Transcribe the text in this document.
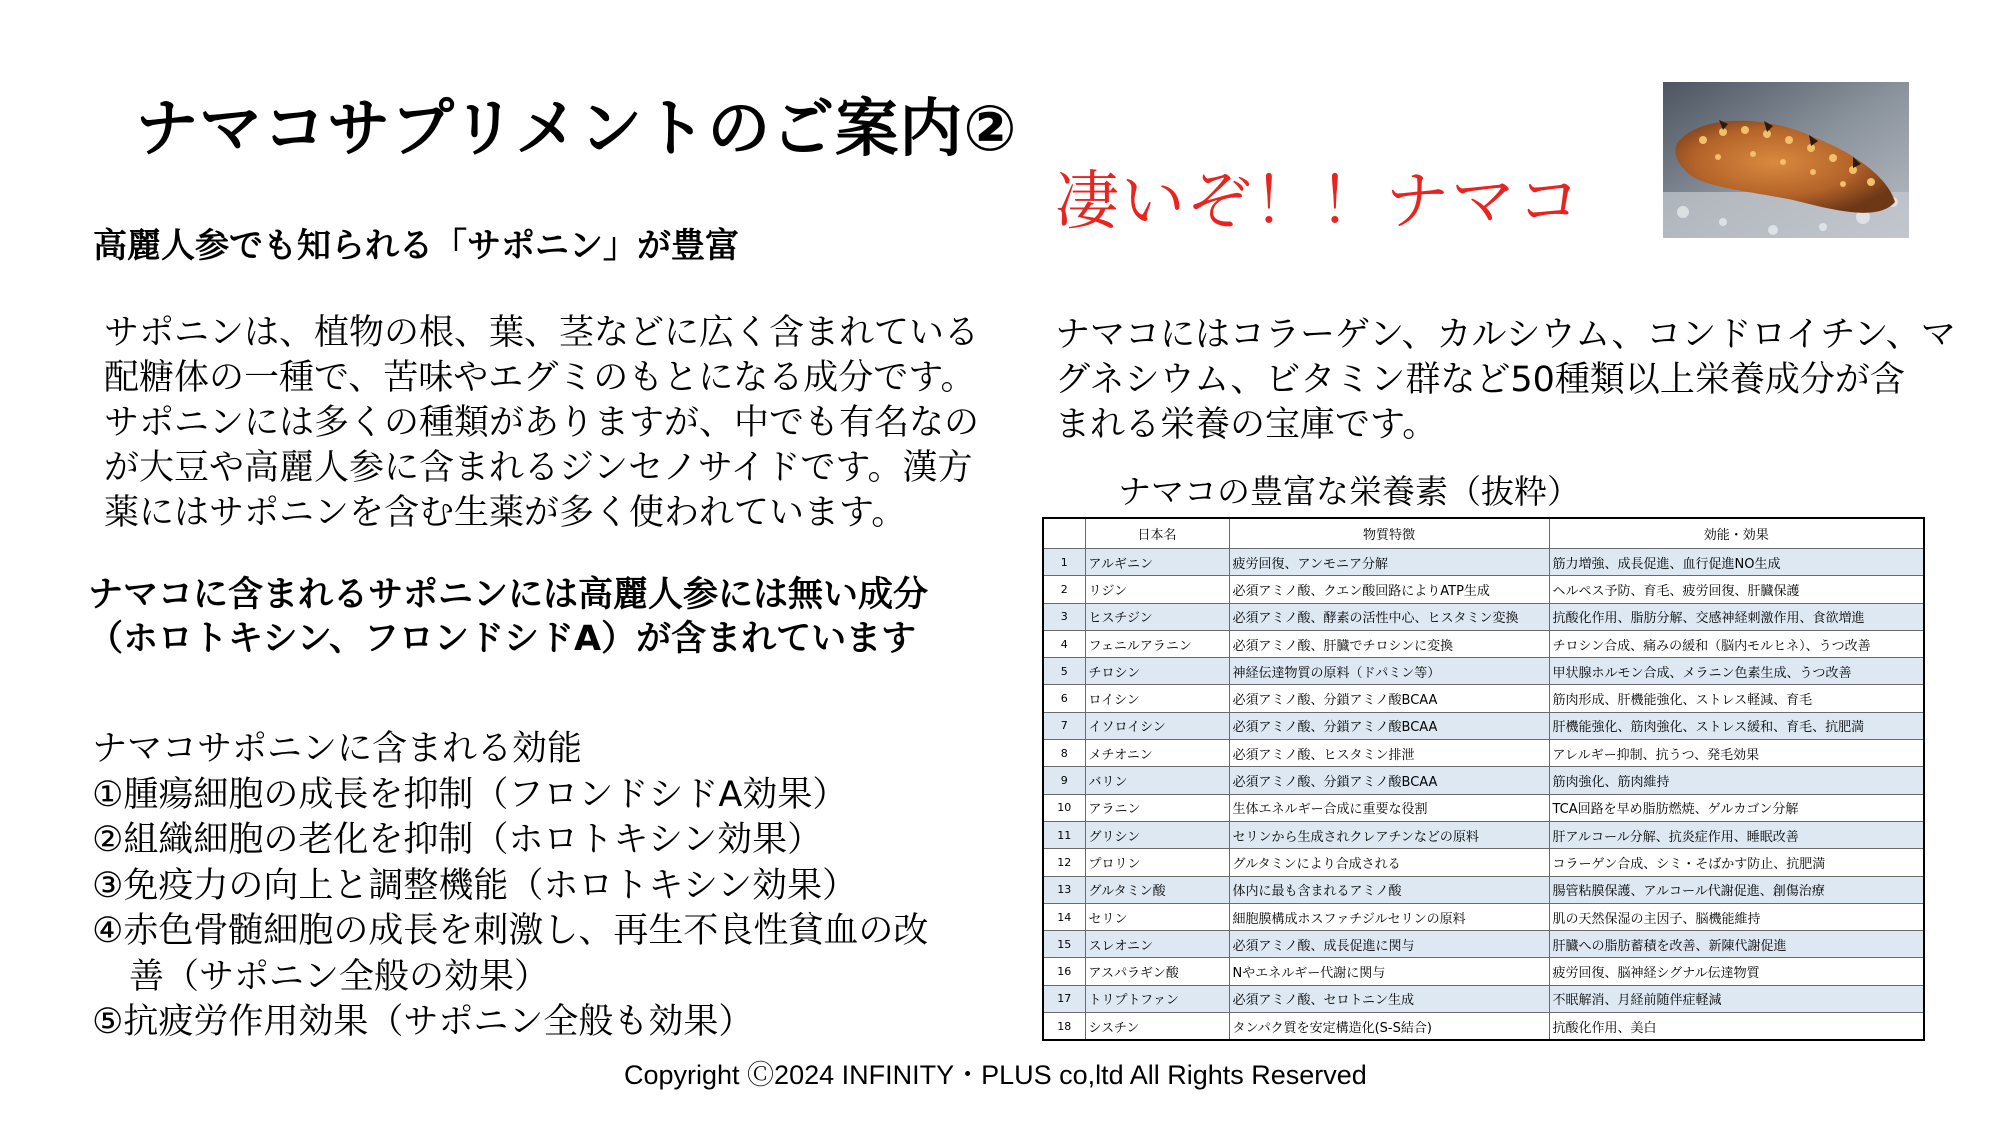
ナマコサプリメントのご案内②
凄いぞ！！ナマコ
高麗人参でも知られる「サポニン」が豊富
サポニンは、植物の根、葉、茎などに広く含まれている
配糖体の一種で、苦味やエグミのもとになる成分です。
サポニンには多くの種類がありますが、中でも有名なの
が大豆や高麗人参に含まれるジンセノサイドです。漢方
薬にはサポニンを含む生薬が多く使われています。
ナマコに含まれるサポニンには高麗人参には無い成分
（ホロトキシン、フロンドシドA）が含まれています
ナマコサポニンに含まれる効能
①腫瘍細胞の成長を抑制（フロンドシドA効果）
②組織細胞の老化を抑制（ホロトキシン効果）
③免疫力の向上と調整機能（ホロトキシン効果）
④赤色骨髄細胞の成長を刺激し、再生不良性貧血の改
善（サポニン全般の効果）
⑤抗疲労作用効果（サポニン全般も効果）
ナマコにはコラーゲン、カルシウム、コンドロイチン、マ
グネシウム、ビタミン群など50種類以上栄養成分が含
まれる栄養の宝庫です。
ナマコの豊富な栄養素（抜粋）
	日本名	物質特徴	効能・効果
1	アルギニン	疲労回復、アンモニア分解	筋力増強、成長促進、血行促進NO生成
2	リジン	必須アミノ酸、クエン酸回路によりATP生成	ヘルペス予防、育毛、疲労回復、肝臓保護
3	ヒスチジン	必須アミノ酸、酵素の活性中心、ヒスタミン変換	抗酸化作用、脂肪分解、交感神経刺激作用、食欲増進
4	フェニルアラニン	必須アミノ酸、肝臓でチロシンに変換	チロシン合成、痛みの緩和（脳内モルヒネ）、うつ改善
5	チロシン	神経伝達物質の原料（ドパミン等）	甲状腺ホルモン合成、メラニン色素生成、うつ改善
6	ロイシン	必須アミノ酸、分鎖アミノ酸BCAA	筋肉形成、肝機能強化、ストレス軽減、育毛
7	イソロイシン	必須アミノ酸、分鎖アミノ酸BCAA	肝機能強化、筋肉強化、ストレス緩和、育毛、抗肥満
8	メチオニン	必須アミノ酸、ヒスタミン排泄	アレルギー抑制、抗うつ、発毛効果
9	バリン	必須アミノ酸、分鎖アミノ酸BCAA	筋肉強化、筋肉維持
10	アラニン	生体エネルギー合成に重要な役割	TCA回路を早め脂肪燃焼、ゲルカゴン分解
11	グリシン	セリンから生成されクレアチンなどの原料	肝アルコール分解、抗炎症作用、睡眠改善
12	プロリン	グルタミンにより合成される	コラーゲン合成、シミ・そばかす防止、抗肥満
13	グルタミン酸	体内に最も含まれるアミノ酸	腸管粘膜保護、アルコール代謝促進、創傷治療
14	セリン	細胞膜構成ホスファチジルセリンの原料	肌の天然保湿の主因子、脳機能維持
15	スレオニン	必須アミノ酸、成長促進に関与	肝臓への脂肪蓄積を改善、新陳代謝促進
16	アスパラギン酸	Nやエネルギー代謝に関与	疲労回復、脳神経シグナル伝達物質
17	トリプトファン	必須アミノ酸、セロトニン生成	不眠解消、月経前随伴症軽減
18	シスチン	タンパク質を安定構造化(S-S結合)	抗酸化作用、美白
Copyright Ⓒ2024 INFINITY・PLUS co,ltd All Rights Reserved
